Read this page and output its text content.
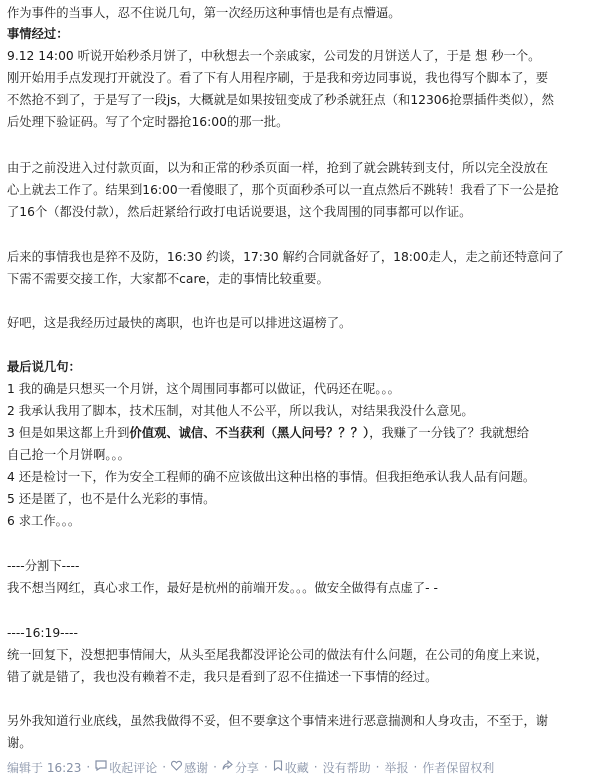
作为事件的当事人，忍不住说几句，第一次经历这种事情也是有点懵逼。
事情经过：
9.12 14:00 听说开始秒杀月饼了，中秋想去一个亲戚家，公司发的月饼送人了，于是 想 秒一个。
刚开始用手点发现打开就没了。看了下有人用程序刷，于是我和旁边同事说，我也得写个脚本了，要
不然抢不到了，于是写了一段js，大概就是如果按钮变成了秒杀就狂点（和12306抢票插件类似），然
后处理下验证码。写了个定时器抢16:00的那一批。
由于之前没进入过付款页面，以为和正常的秒杀页面一样，抢到了就会跳转到支付，所以完全没放在
心上就去工作了。结果到16:00一看傻眼了，那个页面秒杀可以一直点然后不跳转！我看了下一公是抢
了16个（都没付款），然后赶紧给行政打电话说要退，这个我周围的同事都可以作证。
后来的事情我也是猝不及防，16:30 约谈，17:30 解约合同就备好了，18:00走人，走之前还特意问了
下需不需要交接工作，大家都不care，走的事情比较重要。
好吧，这是我经历过最快的离职，也许也是可以排进这逼榜了。
最后说几句：
1 我的确是只想买一个月饼，这个周围同事都可以做证，代码还在呢。。。
2 我承认我用了脚本，技术压制，对其他人不公平，所以我认，对结果我没什么意见。
3 但是如果这都上升到价值观、诚信、不当获利（黑人问号？？？），我赚了一分钱了？我就想给
自己抢一个月饼啊。。。
4 还是检讨一下，作为安全工程师的确不应该做出这种出格的事情。但我拒绝承认我人品有问题。
5 还是匿了，也不是什么光彩的事情。
6 求工作。。。
----分割下----
我不想当网红，真心求工作，最好是杭州的前端开发。。。做安全做得有点虚了- -
----16:19----
统一回复下，没想把事情闹大，从头至尾我都没评论公司的做法有什么问题，在公司的角度上来说，
错了就是错了，我也没有赖着不走，我只是看到了忍不住描述一下事情的经过。
另外我知道行业底线，虽然我做得不妥，但不要拿这个事情来进行恶意揣测和人身攻击，不至于，谢
谢。
编辑于 16:23 · 收起评论 · 感谢 · 分享 · 收藏 · 没有帮助 · 举报 · 作者保留权利
